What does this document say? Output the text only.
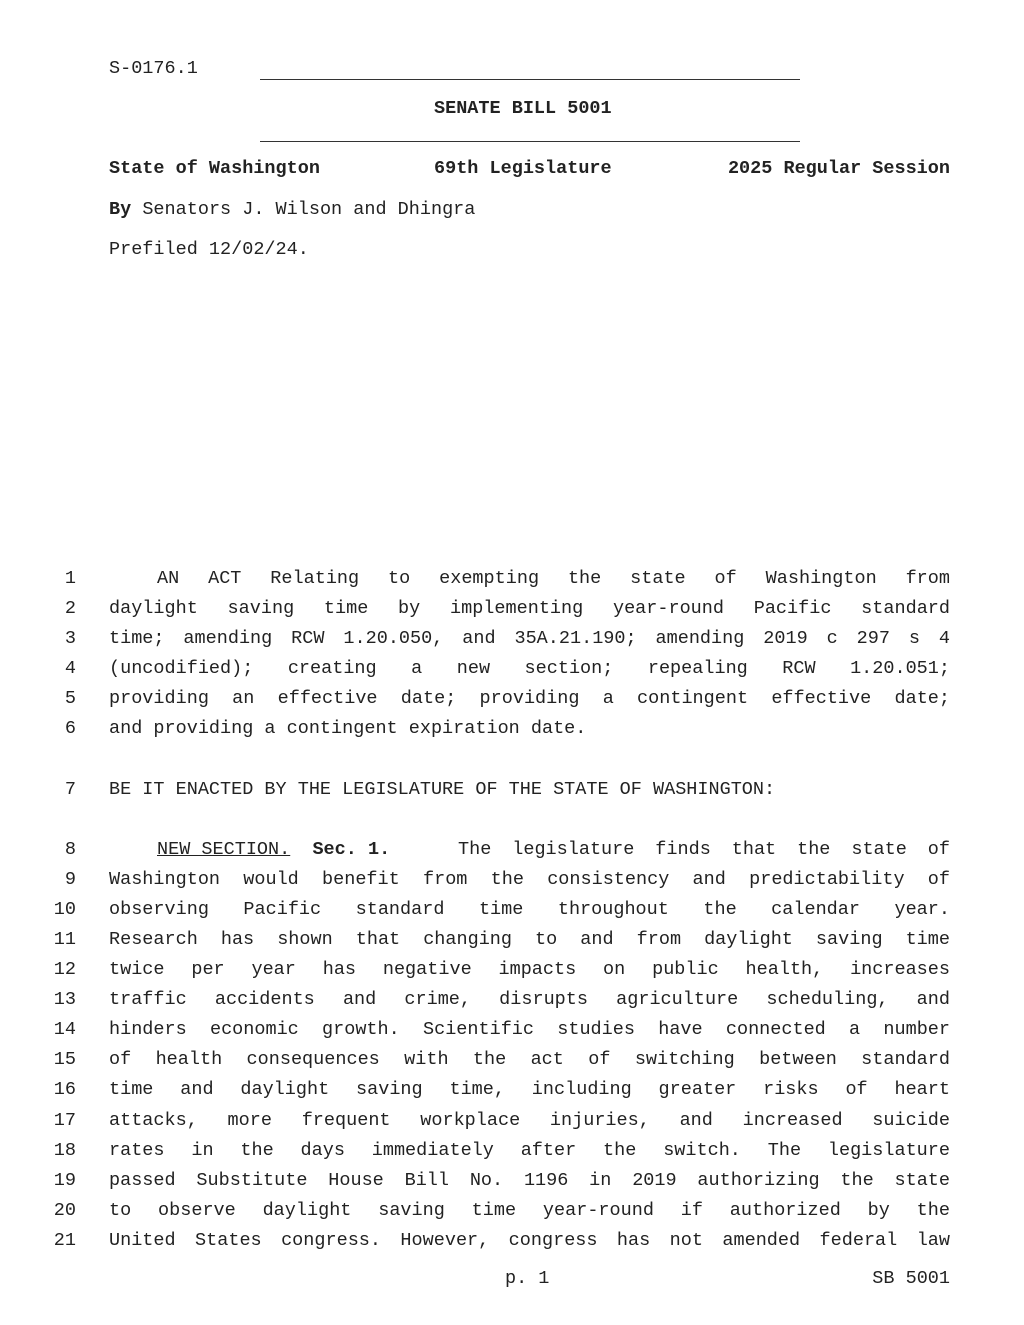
S-0176.1
SENATE BILL 5001
State of Washington	69th Legislature	2025 Regular Session
By Senators J. Wilson and Dhingra
Prefiled 12/02/24.
1
2
3
4
5
6
7
8
9
10
11
12
13
14
15
16
17
18
19
20
21
AN ACT Relating to exempting the state of Washington from
daylight saving time by implementing year-round Pacific standard
time; amending RCW 1.20.050, and 35A.21.190; amending 2019 c 297 s 4
(uncodified); creating a new section; repealing RCW 1.20.051;
providing an effective date; providing a contingent effective date;
and providing a contingent expiration date.
BE IT ENACTED BY THE LEGISLATURE OF THE STATE OF WASHINGTON:
NEW SECTION. Sec. 1.	The legislature finds that the state of
Washington would benefit from the consistency and predictability of
observing Pacific standard time throughout the calendar year.
Research has shown that changing to and from daylight saving time
twice per year has negative impacts on public health, increases
traffic accidents and crime, disrupts agriculture scheduling, and
hinders economic growth. Scientific studies have connected a number
of health consequences with the act of switching between standard
time and daylight saving time, including greater risks of heart
attacks, more frequent workplace injuries, and increased suicide
rates in the days immediately after the switch. The legislature
passed Substitute House Bill No. 1196 in 2019 authorizing the state
to observe daylight saving time year-round if authorized by the
United States congress. However, congress has not amended federal law
p. 1	SB 5001
